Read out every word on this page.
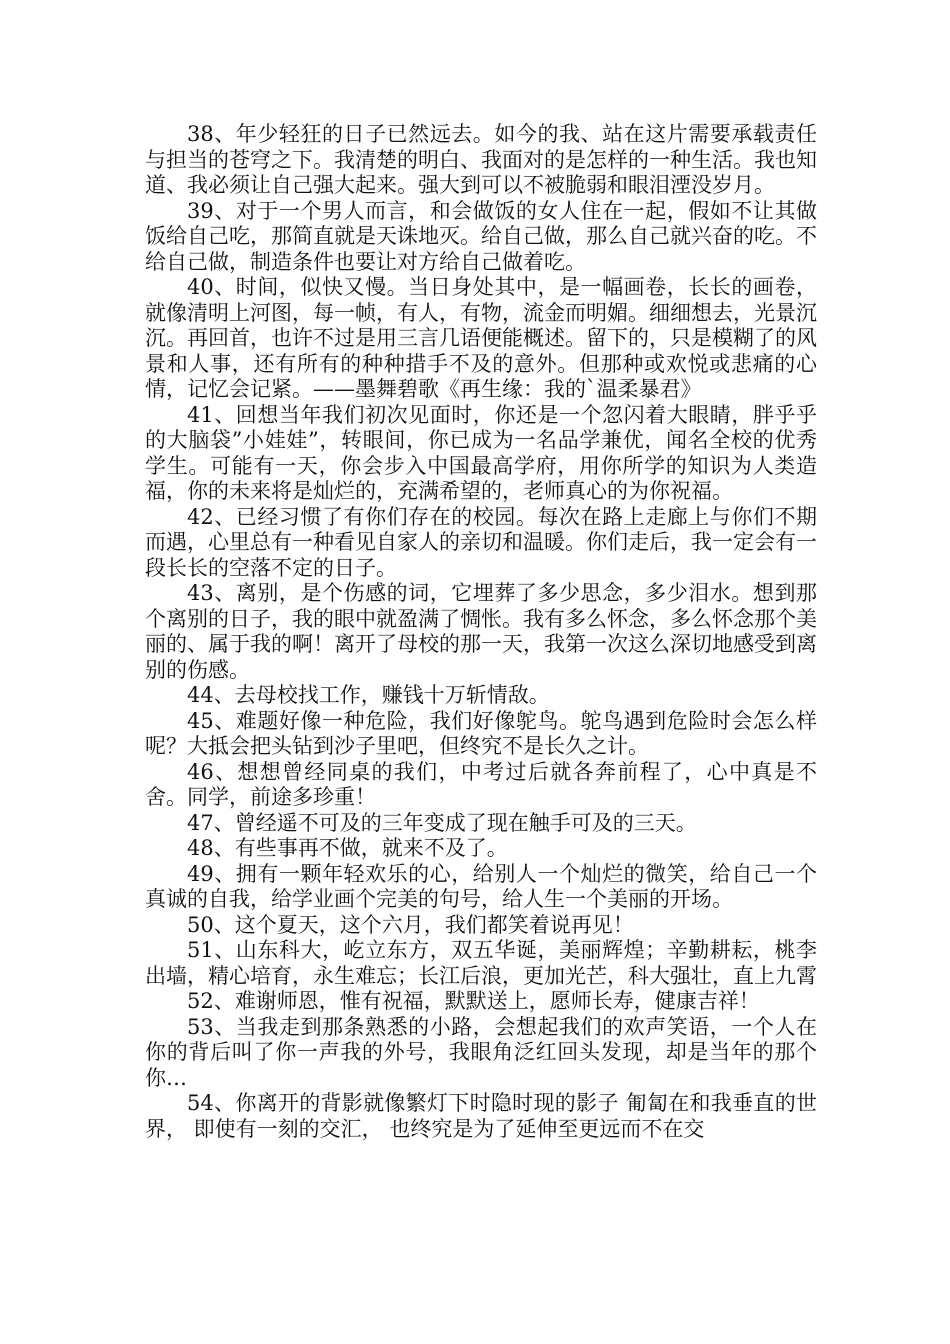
38、年少轻狂的日子已然远去。如今的我、站在这片需要承载责任与担当的苍穹之下。我清楚的明白、我面对的是怎样的一种生活。我也知道、我必须让自己强大起来。强大到可以不被脆弱和眼泪湮没岁月。

39、对于一个男人而言，和会做饭的女人住在一起，假如不让其做饭给自己吃，那简直就是天诛地灭。给自己做，那么自己就兴奋的吃。不给自己做，制造条件也要让对方给自己做着吃。

40、时间，似快又慢。当日身处其中，是一幅画卷，长长的画卷，就像清明上河图，每一帧，有人，有物，流金而明媚。细细想去，光景沉沉。再回首，也许不过是用三言几语便能概述。留下的，只是模糊了的风景和人事，还有所有的种种措手不及的意外。但那种或欢悦或悲痛的心情，记忆会记紧。——墨舞碧歌《再生缘：我的`温柔暴君》

41、回想当年我们初次见面时，你还是一个忽闪着大眼睛，胖乎乎的大脑袋”小娃娃”，转眼间，你已成为一名品学兼优，闻名全校的优秀学生。可能有一天，你会步入中国最高学府，用你所学的知识为人类造福，你的未来将是灿烂的，充满希望的，老师真心的为你祝福。

42、已经习惯了有你们存在的校园。每次在路上走廊上与你们不期而遇，心里总有一种看见自家人的亲切和温暖。你们走后，我一定会有一段长长的空落不定的日子。

43、离别，是个伤感的词，它埋葬了多少思念，多少泪水。想到那个离别的日子，我的眼中就盈满了惆怅。我有多么怀念，多么怀念那个美丽的、属于我的啊！离开了母校的那一天，我第一次这么深切地感受到离别的伤感。

44、去母校找工作，赚钱十万斩情敌。

45、难题好像一种危险，我们好像鸵鸟。鸵鸟遇到危险时会怎么样呢？大抵会把头钻到沙子里吧，但终究不是长久之计。

46、想想曾经同桌的我们，中考过后就各奔前程了，心中真是不舍。同学，前途多珍重！

47、曾经遥不可及的三年变成了现在触手可及的三天。

48、有些事再不做，就来不及了。

49、拥有一颗年轻欢乐的心，给别人一个灿烂的微笑，给自己一个真诚的自我，给学业画个完美的句号，给人生一个美丽的开场。

50、这个夏天，这个六月，我们都笑着说再见！

51、山东科大，屹立东方，双五华诞，美丽辉煌；辛勤耕耘，桃李出墙，精心培育，永生难忘；长江后浪，更加光芒，科大强壮，直上九霄

52、难谢师恩，惟有祝福，默默送上，愿师长寿，健康吉祥！

53、当我走到那条熟悉的小路，会想起我们的欢声笑语，一个人在你的背后叫了你一声我的外号，我眼角泛红回头发现，却是当年的那个你…

54、你离开的背影就像繁灯下时隐时现的影子 匍匐在和我垂直的世界， 即使有一刻的交汇， 也终究是为了延伸至更远而不在交
